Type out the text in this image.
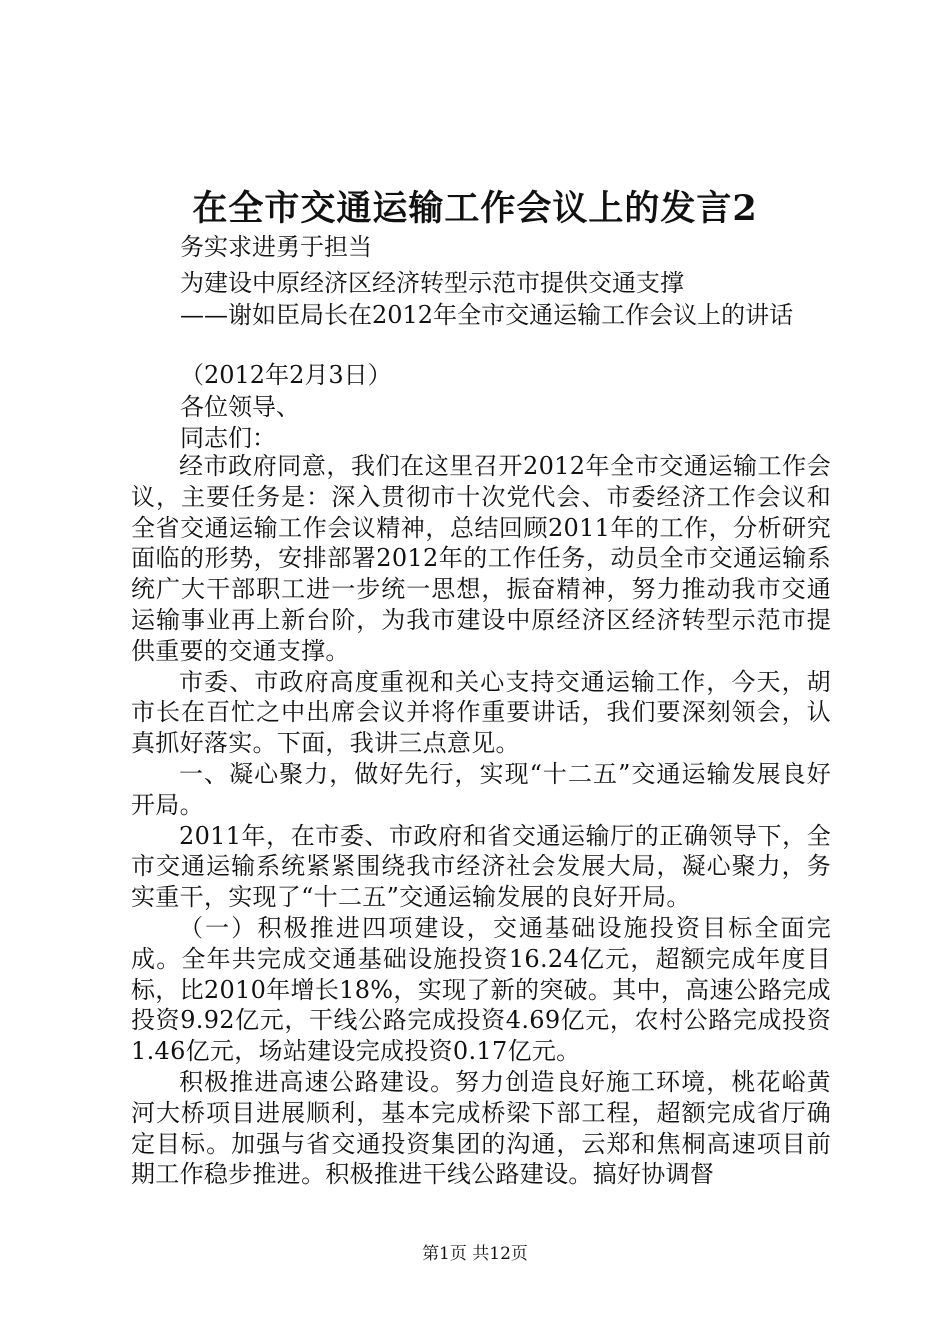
在全市交通运输工作会议上的发言2

务实求进勇于担当

为建设中原经济区经济转型示范市提供交通支撑

——谢如臣局长在2012年全市交通运输工作会议上的讲话

（2012年2月3日）

各位领导、

同志们：

经市政府同意，我们在这里召开2012年全市交通运输工作会议，主要任务是：深入贯彻市十次党代会、市委经济工作会议和全省交通运输工作会议精神，总结回顾2011年的工作，分析研究面临的形势，安排部署2012年的工作任务，动员全市交通运输系统广大干部职工进一步统一思想，振奋精神，努力推动我市交通运输事业再上新台阶，为我市建设中原经济区经济转型示范市提供重要的交通支撑。

市委、市政府高度重视和关心支持交通运输工作，今天，胡市长在百忙之中出席会议并将作重要讲话，我们要深刻领会，认真抓好落实。下面，我讲三点意见。

一、凝心聚力，做好先行，实现“十二五”交通运输发展良好开局。

2011年，在市委、市政府和省交通运输厅的正确领导下，全市交通运输系统紧紧围绕我市经济社会发展大局，凝心聚力，务实重干，实现了“十二五”交通运输发展的良好开局。

（一）积极推进四项建设，交通基础设施投资目标全面完成。全年共完成交通基础设施投资16.24亿元，超额完成年度目标，比2010年增长18%，实现了新的突破。其中，高速公路完成投资9.92亿元，干线公路完成投资4.69亿元，农村公路完成投资1.46亿元，场站建设完成投资0.17亿元。

积极推进高速公路建设。努力创造良好施工环境，桃花峪黄河大桥项目进展顺利，基本完成桥梁下部工程，超额完成省厅确定目标。加强与省交通投资集团的沟通，云郑和焦桐高速项目前期工作稳步推进。积极推进干线公路建设。搞好协调督

第1页 共12页
